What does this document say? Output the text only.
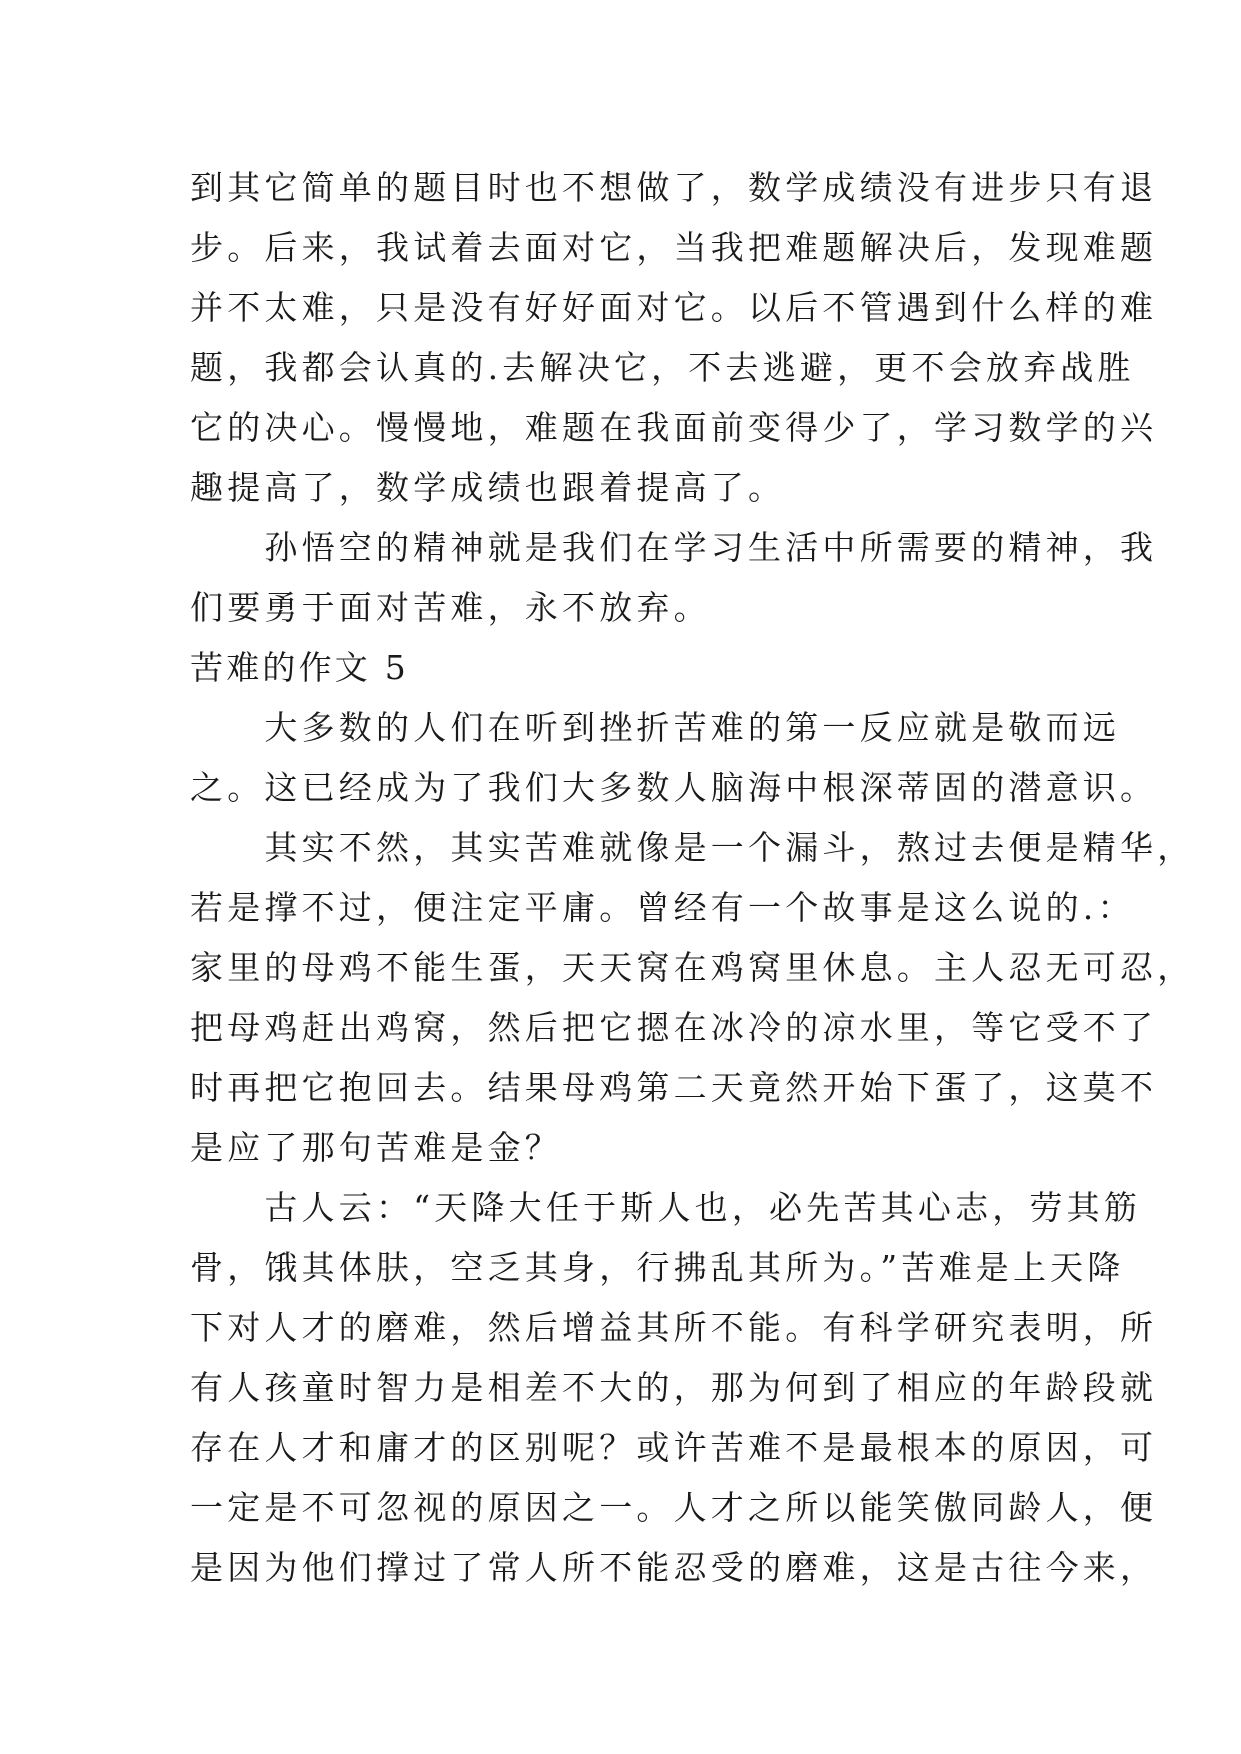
到其它简单的题目时也不想做了，数学成绩没有进步只有退
步。后来，我试着去面对它，当我把难题解决后，发现难题
并不太难，只是没有好好面对它。以后不管遇到什么样的难
题，我都会认真的.去解决它，不去逃避，更不会放弃战胜
它的决心。慢慢地，难题在我面前变得少了，学习数学的兴
趣提高了，数学成绩也跟着提高了。
　　孙悟空的精神就是我们在学习生活中所需要的精神，我
们要勇于面对苦难，永不放弃。
苦难的作文 5
　　大多数的人们在听到挫折苦难的第一反应就是敬而远
之。这已经成为了我们大多数人脑海中根深蒂固的潜意识。
　　其实不然，其实苦难就像是一个漏斗，熬过去便是精华，
若是撑不过，便注定平庸。曾经有一个故事是这么说的.：
家里的母鸡不能生蛋，天天窝在鸡窝里休息。主人忍无可忍，
把母鸡赶出鸡窝，然后把它摁在冰冷的凉水里，等它受不了
时再把它抱回去。结果母鸡第二天竟然开始下蛋了，这莫不
是应了那句苦难是金？
　　古人云：“天降大任于斯人也，必先苦其心志，劳其筋
骨，饿其体肤，空乏其身，行拂乱其所为。”苦难是上天降
下对人才的磨难，然后增益其所不能。有科学研究表明，所
有人孩童时智力是相差不大的，那为何到了相应的年龄段就
存在人才和庸才的区别呢？或许苦难不是最根本的原因，可
一定是不可忽视的原因之一。人才之所以能笑傲同龄人，便
是因为他们撑过了常人所不能忍受的磨难，这是古往今来，
